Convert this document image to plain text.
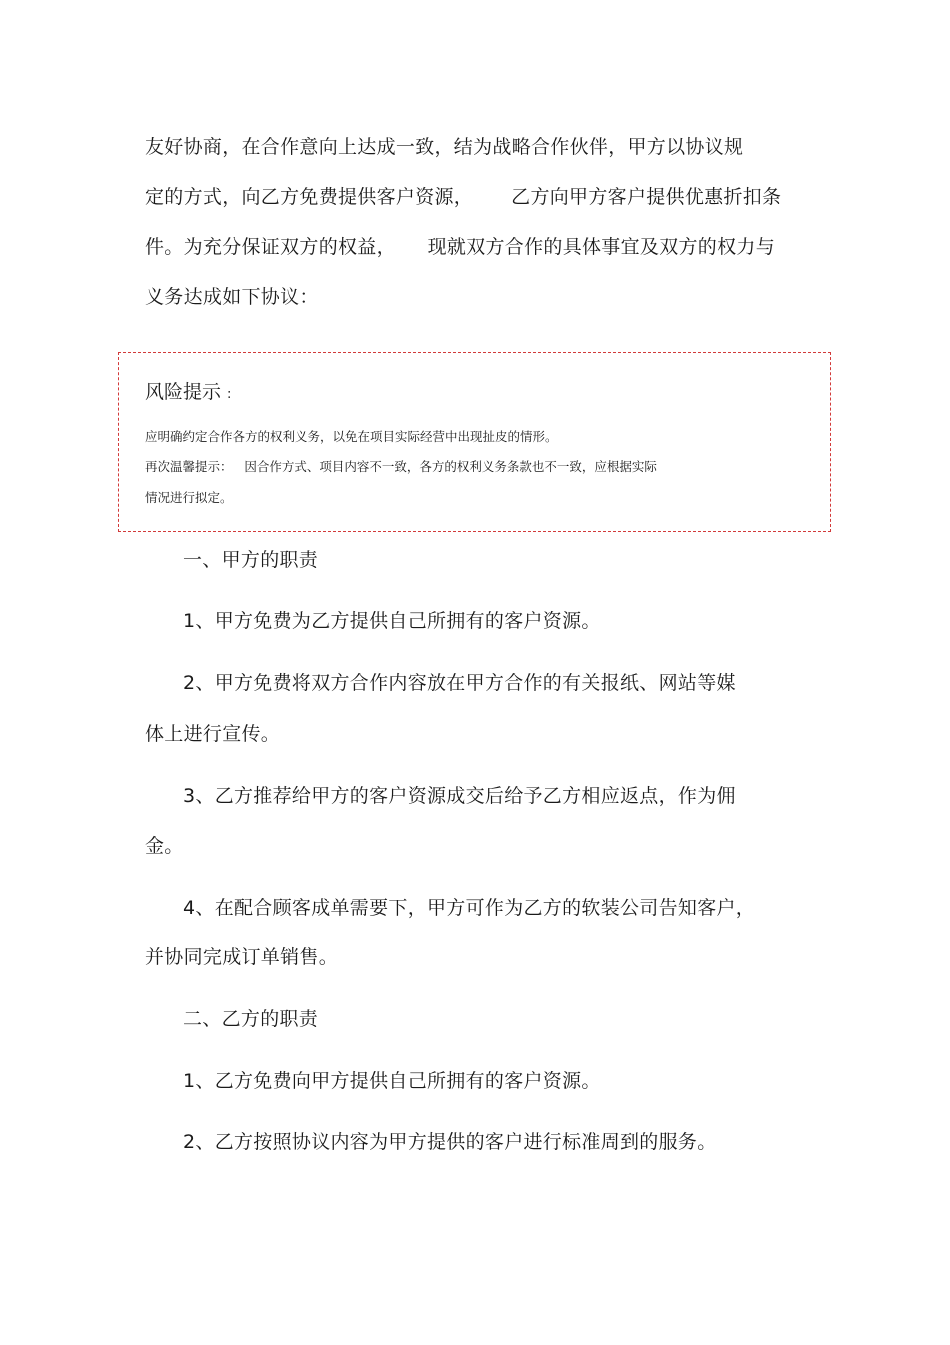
友好协商，在合作意向上达成一致，结为战略合作伙伴，甲方以协议规
定的方式，向乙方免费提供客户资源，      乙方向甲方客户提供优惠折扣条
件。为充分保证双方的权益，     现就双方合作的具体事宜及双方的权力与
义务达成如下协议：
风险提示 :
应明确约定合作各方的权利义务，以免在项目实际经营中出现扯皮的情形。
再次温馨提示：   因合作方式、项目内容不一致，各方的权利义务条款也不一致，应根据实际
情况进行拟定。
一、甲方的职责
1、甲方免费为乙方提供自己所拥有的客户资源。
2、甲方免费将双方合作内容放在甲方合作的有关报纸、网站等媒
体上进行宣传。
3、乙方推荐给甲方的客户资源成交后给予乙方相应返点，作为佣
金。
4、在配合顾客成单需要下，甲方可作为乙方的软装公司告知客户，
并协同完成订单销售。
二、乙方的职责
1、乙方免费向甲方提供自己所拥有的客户资源。
2、乙方按照协议内容为甲方提供的客户进行标准周到的服务。
